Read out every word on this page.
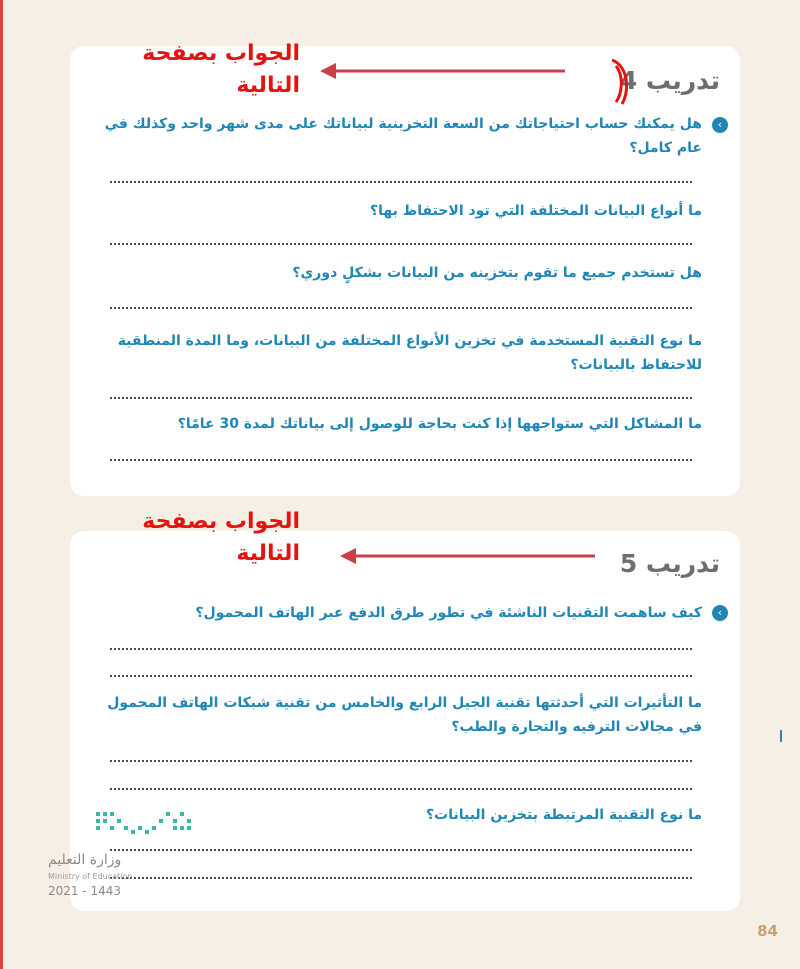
تدريب 4
‹
هل يمكنك حساب احتياجاتك من السعة التخزينية لبياناتك على مدى شهر واحد وكذلك في عام كامل؟
ما أنواع البيانات المختلفة التي تود الاحتفاظ بها؟
هل تستخدم جميع ما تقوم بتخزينه من البيانات بشكلٍ دوري؟
ما نوع التقنية المستخدمة في تخزين الأنواع المختلفة من البيانات، وما المدة المنطقية للاحتفاظ بالبيانات؟
ما المشاكل التي ستواجهها إذا كنت بحاجة للوصول إلى بياناتك لمدة 30 عامًا؟
تدريب 5
‹
كيف ساهمت التقنيات الناشئة في تطور طرق الدفع عبر الهاتف المحمول؟
ما التأثيرات التي أحدثتها تقنية الجيل الرابع والخامس من تقنية شبكات الهاتف المحمول في مجالات الترفيه والتجارة والطب؟
ما نوع التقنية المرتبطة بتخزين البيانات؟
الجواب بصفحة التالية
الجواب بصفحة التالية
وزارة التعليم
Ministry of Education
2021 - 1443
84
